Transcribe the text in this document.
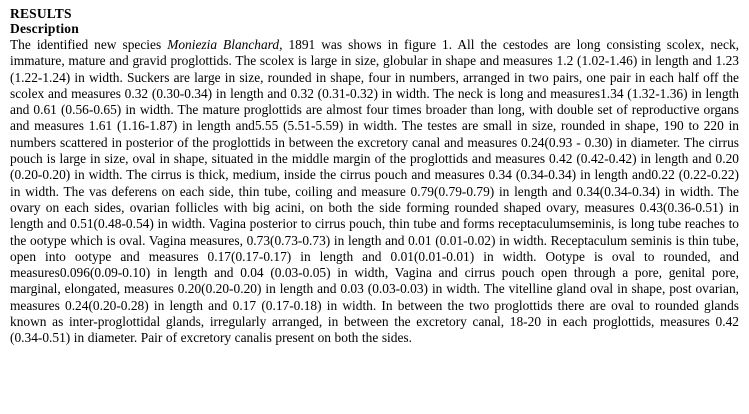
RESULTS
Description

The identified new species Moniezia Blanchard, 1891 was shows in figure 1. All the cestodes are long consisting scolex, neck, immature, mature and gravid proglottids. The scolex is large in size, globular in shape and measures 1.2 (1.02-1.46) in length and 1.23 (1.22-1.24) in width. Suckers are large in size, rounded in shape, four in numbers, arranged in two pairs, one pair in each half off the scolex and measures 0.32 (0.30-0.34) in length and 0.32 (0.31-0.32) in width. The neck is long and measures1.34 (1.32-1.36) in length and 0.61 (0.56-0.65) in width. The mature proglottids are almost four times broader than long, with double set of reproductive organs and measures 1.61 (1.16-1.87) in length and5.55 (5.51-5.59) in width. The testes are small in size, rounded in shape, 190 to 220 in numbers scattered in posterior of the proglottids in between the excretory canal and measures 0.24(0.93 - 0.30) in diameter. The cirrus pouch is large in size, oval in shape, situated in the middle margin of the proglottids and measures 0.42 (0.42-0.42) in length and 0.20 (0.20-0.20) in width. The cirrus is thick, medium, inside the cirrus pouch and measures 0.34 (0.34-0.34) in length and0.22 (0.22-0.22) in width. The vas deferens on each side, thin tube, coiling and measure 0.79(0.79-0.79) in length and 0.34(0.34-0.34) in width. The ovary on each sides, ovarian follicles with big acini, on both the side forming rounded shaped ovary, measures 0.43(0.36-0.51) in length and 0.51(0.48-0.54) in width. Vagina posterior to cirrus pouch, thin tube and forms receptaculumseminis, is long tube reaches to the ootype which is oval. Vagina measures, 0.73(0.73-0.73) in length and 0.01 (0.01-0.02) in width. Receptaculum seminis is thin tube, open into ootype and measures 0.17(0.17-0.17) in length and 0.01(0.01-0.01) in width. Ootype is oval to rounded, and measures0.096(0.09-0.10) in length and 0.04 (0.03-0.05) in width, Vagina and cirrus pouch open through a pore, genital pore, marginal, elongated, measures 0.20(0.20-0.20) in length and 0.03 (0.03-0.03) in width. The vitelline gland oval in shape, post ovarian, measures 0.24(0.20-0.28) in length and 0.17 (0.17-0.18) in width. In between the two proglottids there are oval to rounded glands known as inter-proglottidal glands, irregularly arranged, in between the excretory canal, 18-20 in each proglottids, measures 0.42 (0.34-0.51) in diameter. Pair of excretory canalis present on both the sides.
